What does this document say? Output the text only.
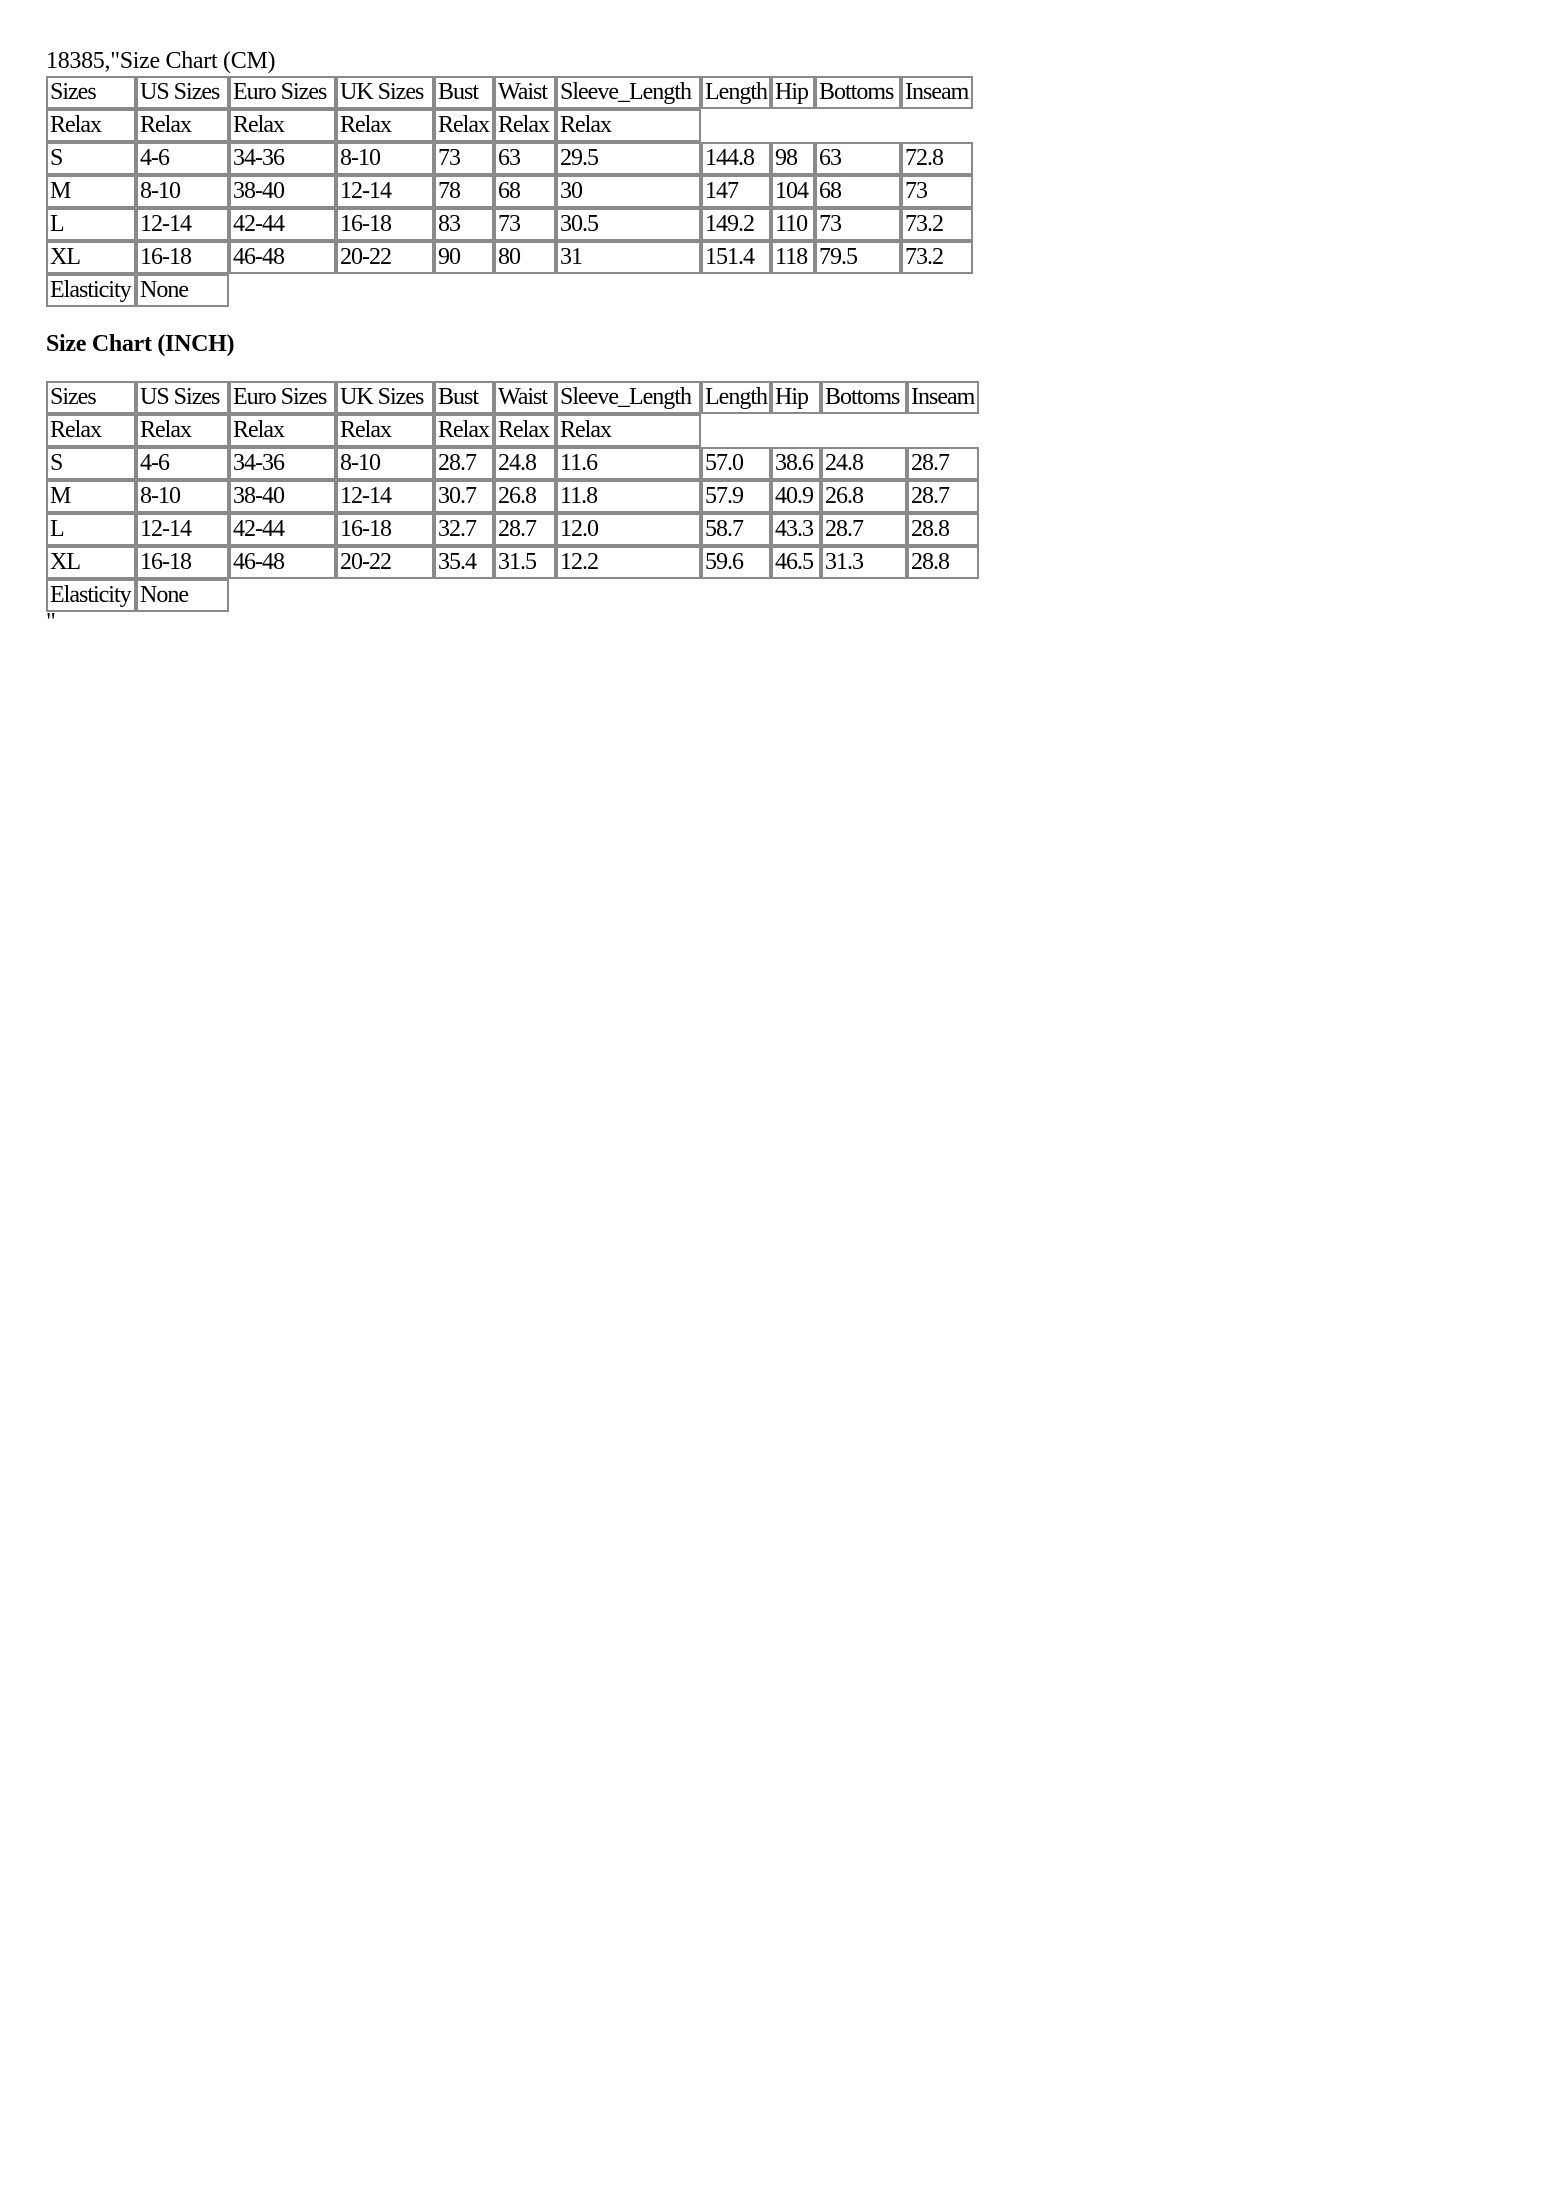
18385,"Size Chart (CM)
Sizes	US Sizes	Euro Sizes	UK Sizes	Bust	Waist	Sleeve_Length	Length	Hip	Bottoms	Inseam
Relax	Relax	Relax	Relax	Relax	Relax	Relax				
S	4-6	34-36	8-10	73	63	29.5	144.8	98	63	72.8
M	8-10	38-40	12-14	78	68	30	147	104	68	73
L	12-14	42-44	16-18	83	73	30.5	149.2	110	73	73.2
XL	16-18	46-48	20-22	90	80	31	151.4	118	79.5	73.2
Elasticity	None									
Size Chart (INCH)
Sizes	US Sizes	Euro Sizes	UK Sizes	Bust	Waist	Sleeve_Length	Length	Hip	Bottoms	Inseam
Relax	Relax	Relax	Relax	Relax	Relax	Relax				
S	4-6	34-36	8-10	28.7	24.8	11.6	57.0	38.6	24.8	28.7
M	8-10	38-40	12-14	30.7	26.8	11.8	57.9	40.9	26.8	28.7
L	12-14	42-44	16-18	32.7	28.7	12.0	58.7	43.3	28.7	28.8
XL	16-18	46-48	20-22	35.4	31.5	12.2	59.6	46.5	31.3	28.8
Elasticity	None									
"
